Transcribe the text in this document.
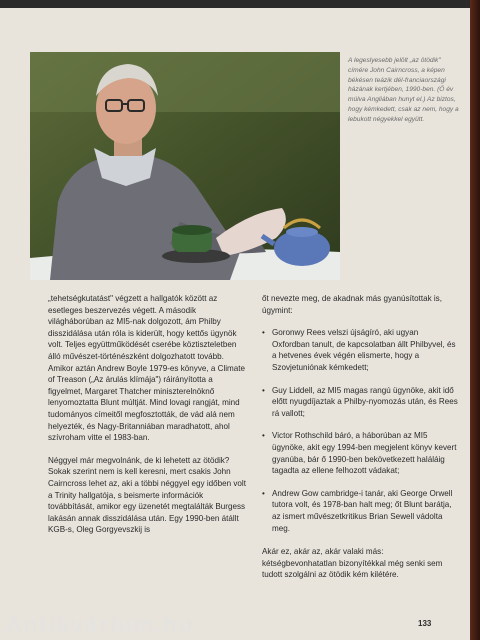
A legeslyesebb jelölt „az ötödik" címére John Cairncross, a képen békésen teázik dél-franciaországi házának kertjében, 1990-ben. (Ő év múlva Angliában hunyt el.) Az biztos, hogy kémkedett, csak az nem, hogy a lebukott négyekkel együtt.

„tehetségkutatást" végzett a hallgatók között az esetleges beszervezés végett. A második világháborúban az MI5-nak dolgozott, ám Philby disszidálása után róla is kiderült, hogy kettős ügynök volt. Teljes együttműködését cserébe köztiszteletben álló művészet-történészként dolgozhatott tovább. Amikor aztán Andrew Boyle 1979-es könyve, a Climate of Treason („Az árulás klímája") ráirányította a figyelmet, Margaret Thatcher miniszterelnöknő lenyomoztatta Blunt múltját. Mind lovagi rangját, mind tudományos címeitől megfosztották, de vád alá nem helyezték, és Nagy-Britanniában maradhatott, ahol szívroham vitte el 1983-ban.

Néggyel már megvolnánk, de ki lehetett az ötödik? Sokak szerint nem is kell keresni, mert csakis John Cairncross lehet az, aki a többi néggyel egy időben volt a Trinity hallgatója, s beismerte információk továbbítását, amikor egy üzenetét megtalálták Burgess lakásán annak disszidálása után. Egy 1990-ben átállt KGB-s, Oleg Gorgyevszkij is

őt nevezte meg, de akadnak más gyanúsítottak is, úgymint:

• Goronwy Rees velszi újságíró, aki ugyan Oxfordban tanult, de kapcsolatban állt Philbyvel, és a hetvenes évek végén elismerte, hogy a Szovjetuniónak kémkedett;
• Guy Liddell, az MI5 magas rangú ügynöke, akit idő előtt nyugdíjaztak a Philby-nyomozás után, és Rees rá vallott;
• Victor Rothschild báró, a háborúban az MI5 ügynöke, akit egy 1994-ben megjelent könyv kevert gyanúba, bár ő 1990-ben bekövetkezett haláláig tagadta az ellene felhozott vádakat;
• Andrew Gow cambridge-i tanár, aki George Orwell tutora volt, és 1978-ban halt meg; őt Blunt barátja, az ismert művészetkritikus Brian Sewell vádolta meg.

Akár ez, akár az, akár valaki más: kétségbevonhatatlan bizonyítékkal még senki sem tudott szolgálni az ötödik kém kilétére.

133
Antikvárium.hu
